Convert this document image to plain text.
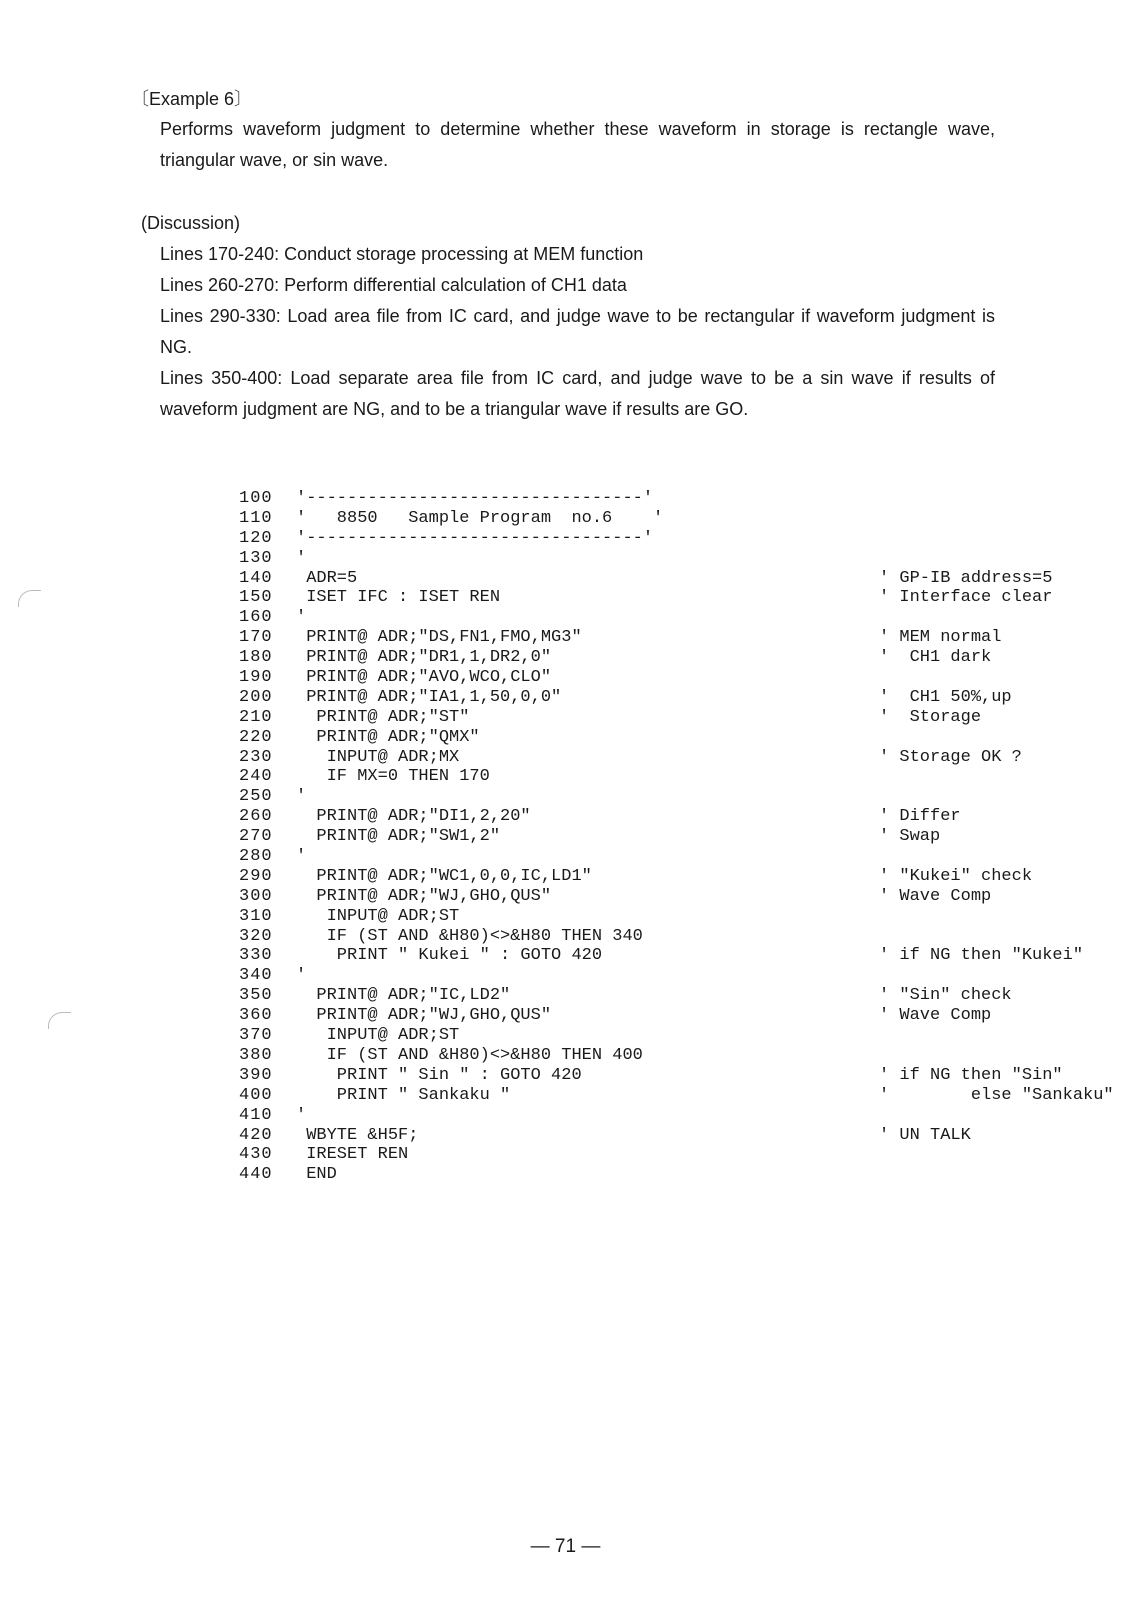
〔Example 6〕

Performs waveform judgment to determine whether these waveform in storage is rectangle wave, triangular wave, or sin wave.

(Discussion)

Lines 170-240: Conduct storage processing at MEM function

Lines 260-270: Perform differential calculation of CH1 data

Lines 290-330: Load area file from IC card, and judge wave to be rectangular if waveform judgment is NG.

Lines 350-400: Load separate area file from IC card, and judge wave to be a sin wave if results of waveform judgment are NG, and to be a triangular wave if results are GO.

100 '---------------------------------'
110 '   8850   Sample Program  no.6    '
120 '---------------------------------'
130 '
140 ADR=5	' GP-IB address=5
150 ISET IFC : ISET REN	' Interface clear
160 '
170 PRINT@ ADR;"DS,FN1,FMO,MG3"	' MEM normal
180 PRINT@ ADR;"DR1,1,DR2,0"	'  CH1 dark
190 PRINT@ ADR;"AVO,WCO,CLO"
200 PRINT@ ADR;"IA1,1,50,0,0"	'  CH1 50%,up
210 PRINT@ ADR;"ST"	'  Storage
220 PRINT@ ADR;"QMX"
230 INPUT@ ADR;MX	' Storage OK ?
240 IF MX=0 THEN 170
250 '
260 PRINT@ ADR;"DI1,2,20"	' Differ
270 PRINT@ ADR;"SW1,2"	' Swap
280 '
290 PRINT@ ADR;"WC1,0,0,IC,LD1"	' "Kukei" check
300 PRINT@ ADR;"WJ,GHO,QUS"	' Wave Comp
310 INPUT@ ADR;ST
320 IF (ST AND &H80)<>&H80 THEN 340
330 PRINT " Kukei " : GOTO 420	' if NG then "Kukei"
340 '
350 PRINT@ ADR;"IC,LD2"	' "Sin" check
360 PRINT@ ADR;"WJ,GHO,QUS"	' Wave Comp
370 INPUT@ ADR;ST
380 IF (ST AND &H80)<>&H80 THEN 400
390 PRINT " Sin " : GOTO 420	' if NG then "Sin"
400 PRINT " Sankaku "	'        else "Sankaku"
410 '
420 WBYTE &H5F;	' UN TALK
430 IRESET REN
440 END
— 71 —
